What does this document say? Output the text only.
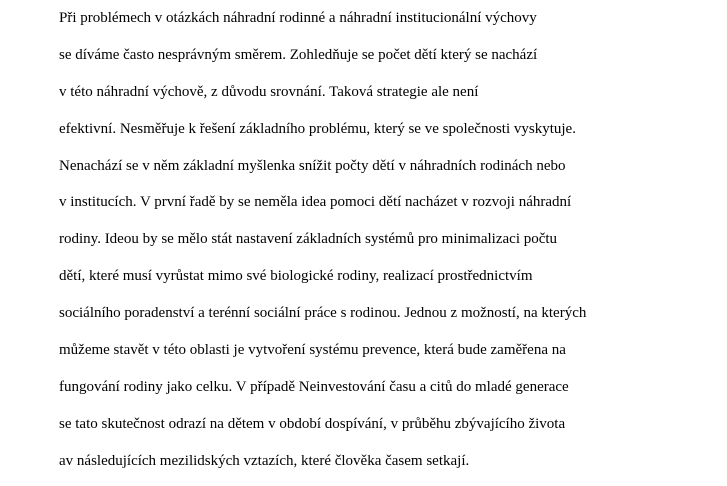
Při problémech v otázkách náhradní rodinné a náhradní institucionální výchovy
se díváme často nesprávným směrem. Zohledňuje se počet dětí který se nachází
v této náhradní výchově, z důvodu srovnání. Taková strategie ale není
efektivní. Nesměřuje k řešení základního problému, který se ve společnosti vyskytuje.
Nenachází se v něm základní myšlenka snížit počty dětí v náhradních rodinách nebo
v institucích. V první řadě by se neměla idea pomoci dětí nacházet v rozvoji náhradní
rodiny. Ideou by se mělo stát nastavení základních systémů pro minimalizaci počtu
dětí, které musí vyrůstat mimo své biologické rodiny, realizací prostřednictvím
sociálního poradenství a terénní sociální práce s rodinou. Jednou z možností, na kterých
můžeme stavět v této oblasti je vytvoření systému prevence, která bude zaměřena na
fungování rodiny jako celku. V případě Neinvestování času a citů do mladé generace
se tato skutečnost odrazí na dětem v období dospívání, v průběhu zbývajícího života
av následujících mezilidských vztazích, které člověka časem setkají.
